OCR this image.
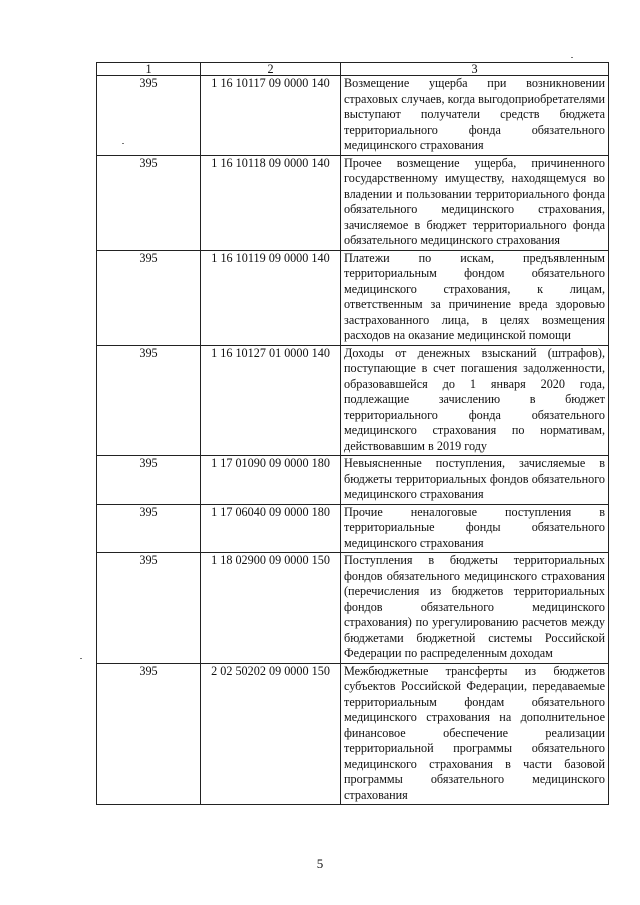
1	2	3
395	1 16 10117 09 0000 140	Возмещение ущерба при возникновении страховых случаев, когда выгодоприобретателями выступают получатели средств бюджета территориального фонда обязательного медицинского страхования
395	1 16 10118 09 0000 140	Прочее возмещение ущерба, причиненного государственному имуществу, находящемуся во владении и пользовании территориального фонда обязательного медицинского страхования, зачисляемое в бюджет территориального фонда обязательного медицинского страхования
395	1 16 10119 09 0000 140	Платежи по искам, предъявленным территориальным фондом обязательного медицинского страхования, к лицам, ответственным за причинение вреда здоровью застрахованного лица, в целях возмещения расходов на оказание медицинской помощи
395	1 16 10127 01 0000 140	Доходы от денежных взысканий (штрафов), поступающие в счет погашения задолженности, образовавшейся до 1 января 2020 года, подлежащие зачислению в бюджет территориального фонда обязательного медицинского страхования по нормативам, действовавшим в 2019 году
395	1 17 01090 09 0000 180	Невыясненные поступления, зачисляемые в бюджеты территориальных фондов обязательного медицинского страхования
395	1 17 06040 09 0000 180	Прочие неналоговые поступления в территориальные фонды обязательного медицинского страхования
395	1 18 02900 09 0000 150	Поступления в бюджеты территориальных фондов обязательного медицинского страхования (перечисления из бюджетов территориальных фондов обязательного медицинского страхования) по урегулированию расчетов между бюджетами бюджетной системы Российской Федерации по распределенным доходам
395	2 02 50202 09 0000 150	Межбюджетные трансферты из бюджетов субъектов Российской Федерации, передаваемые территориальным фондам обязательного медицинского страхования на дополнительное финансовое обеспечение реализации территориальной программы обязательного медицинского страхования в части базовой программы обязательного медицинского страхования
5
